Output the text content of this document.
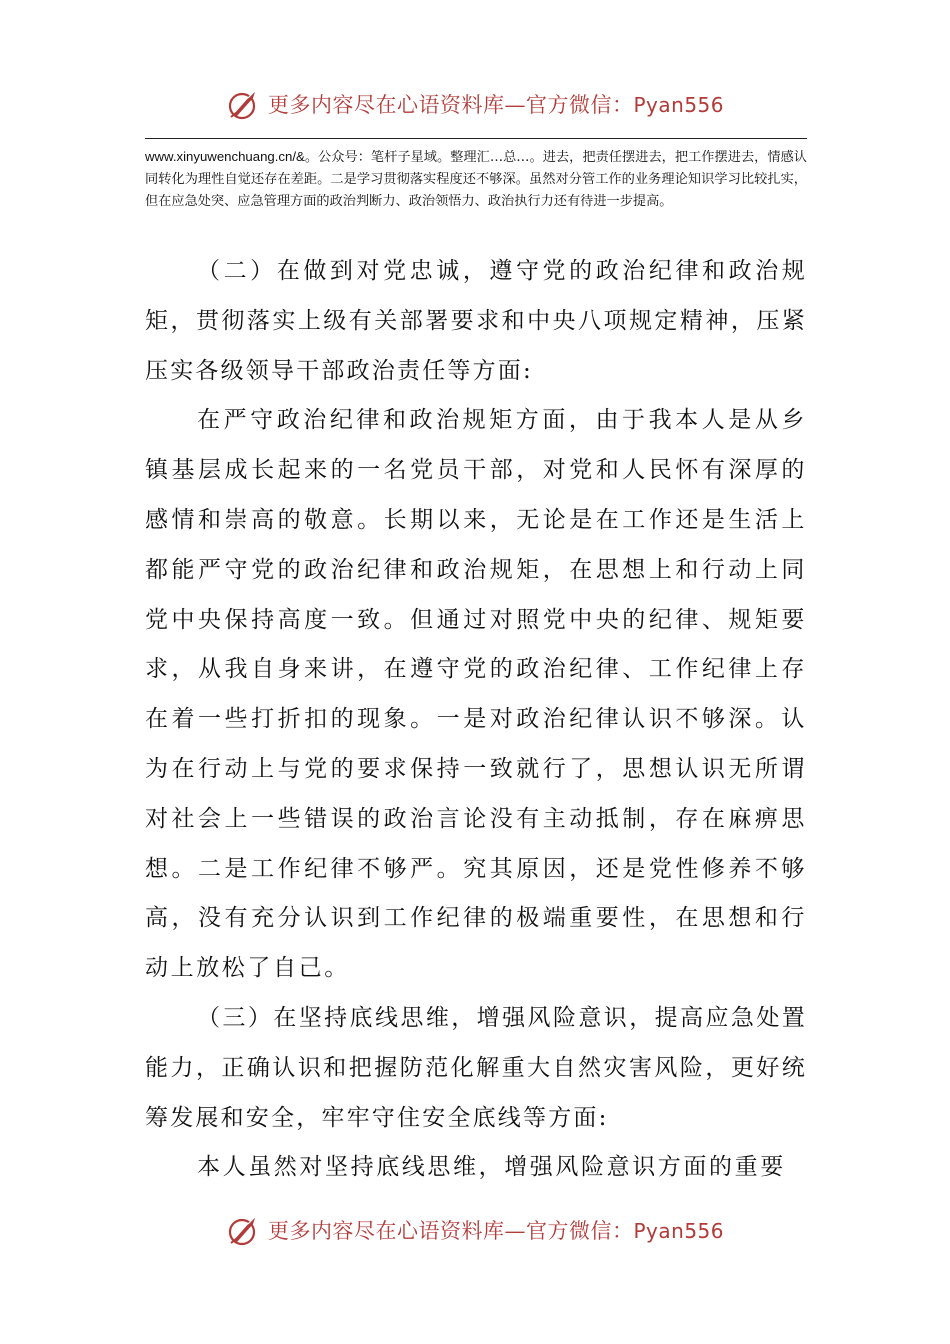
更多内容尽在心语资料库—官方微信：Pyan556
www.xinyuwenchuang.cn/&。公众号：笔杆子星域。整理汇…总…。进去，把责任摆进去，把工作摆进去，情感认同转化为理性自觉还存在差距。二是学习贯彻落实程度还不够深。虽然对分管工作的业务理论知识学习比较扎实，但在应急处突、应急管理方面的政治判断力、政治领悟力、政治执行力还有待进一步提高。

（二）在做到对党忠诚，遵守党的政治纪律和政治规矩，贯彻落实上级有关部署要求和中央八项规定精神，压紧压实各级领导干部政治责任等方面:

在严守政治纪律和政治规矩方面，由于我本人是从乡镇基层成长起来的一名党员干部，对党和人民怀有深厚的感情和崇高的敬意。长期以来，无论是在工作还是生活上都能严守党的政治纪律和政治规矩，在思想上和行动上同党中央保持高度一致。但通过对照党中央的纪律、规矩要求，从我自身来讲，在遵守党的政治纪律、工作纪律上存在着一些打折扣的现象。一是对政治纪律认识不够深。认为在行动上与党的要求保持一致就行了，思想认识无所谓对社会上一些错误的政治言论没有主动抵制，存在麻痹思想。二是工作纪律不够严。究其原因，还是党性修养不够高，没有充分认识到工作纪律的极端重要性，在思想和行动上放松了自己。

（三）在坚持底线思维，增强风险意识，提高应急处置能力，正确认识和把握防范化解重大自然灾害风险，更好统筹发展和安全，牢牢守住安全底线等方面:

本人虽然对坚持底线思维，增强风险意识方面的重要

更多内容尽在心语资料库—官方微信：Pyan556
